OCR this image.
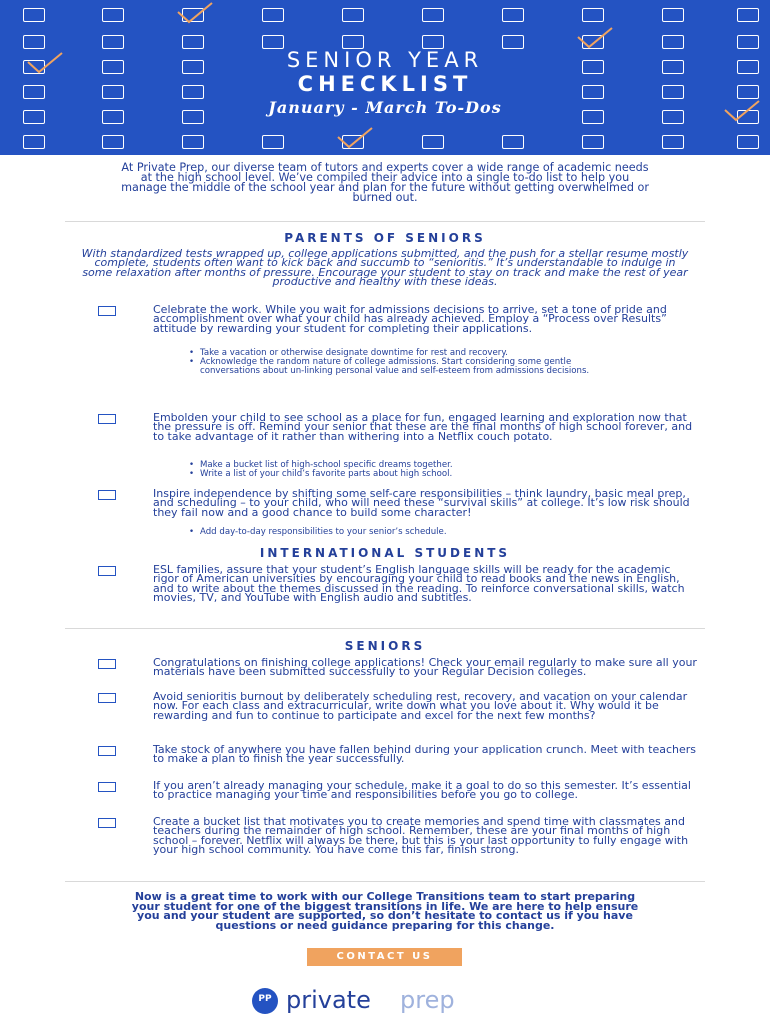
SENIOR YEAR
CHECKLIST
January - March To-Dos
At Private Prep, our diverse team of tutors and experts cover a wide range of academic needs at the high school level. We’ve compiled their advice into a single to-do list to help you manage the middle of the school year and plan for the future without getting overwhelmed or burned out.
PARENTS OF SENIORS
With standardized tests wrapped up, college applications submitted, and the push for a stellar resume mostly complete, students often want to kick back and succumb to “senioritis.” It’s understandable to indulge in some relaxation after months of pressure. Encourage your student to stay on track and make the rest of year productive and healthy with these ideas.
Celebrate the work. While you wait for admissions decisions to arrive, set a tone of pride and accomplishment over what your child has already achieved. Employ a “Process over Results” attitude by rewarding your student for completing their applications.
• Take a vacation or otherwise designate downtime for rest and recovery.
• Acknowledge the random nature of college admissions. Start considering some gentle conversations about un-linking personal value and self-esteem from admissions decisions.
Embolden your child to see school as a place for fun, engaged learning and exploration now that the pressure is off. Remind your senior that these are the final months of high school forever, and to take advantage of it rather than withering into a Netflix couch potato.
• Make a bucket list of high-school specific dreams together.
• Write a list of your child’s favorite parts about high school.
Inspire independence by shifting some self-care responsibilities – think laundry, basic meal prep, and scheduling – to your child, who will need these “survival skills” at college. It’s low risk should they fail now and a good chance to build some character!
• Add day-to-day responsibilities to your senior’s schedule.
INTERNATIONAL STUDENTS
ESL families, assure that your student’s English language skills will be ready for the academic rigor of American universities by encouraging your child to read books and the news in English, and to write about the themes discussed in the reading. To reinforce conversational skills, watch movies, TV, and YouTube with English audio and subtitles.
SENIORS
Congratulations on finishing college applications! Check your email regularly to make sure all your materials have been submitted successfully to your Regular Decision colleges.
Avoid senioritis burnout by deliberately scheduling rest, recovery, and vacation on your calendar now. For each class and extracurricular, write down what you love about it. Why would it be rewarding and fun to continue to participate and excel for the next few months?
Take stock of anywhere you have fallen behind during your application crunch. Meet with teachers to make a plan to finish the year successfully.
If you aren’t already managing your schedule, make it a goal to do so this semester. It’s essential to practice managing your time and responsibilities before you go to college.
Create a bucket list that motivates you to create memories and spend time with classmates and teachers during the remainder of high school. Remember, these are your final months of high school – forever. Netflix will always be there, but this is your last opportunity to fully engage with your high school community. You have come this far, finish strong.
Now is a great time to work with our College Transitions team to start preparing your student for one of the biggest transitions in life. We are here to help ensure you and your student are supported, so don’t hesitate to contact us if you have questions or need guidance preparing for this change.
CONTACT US
PP private prep
